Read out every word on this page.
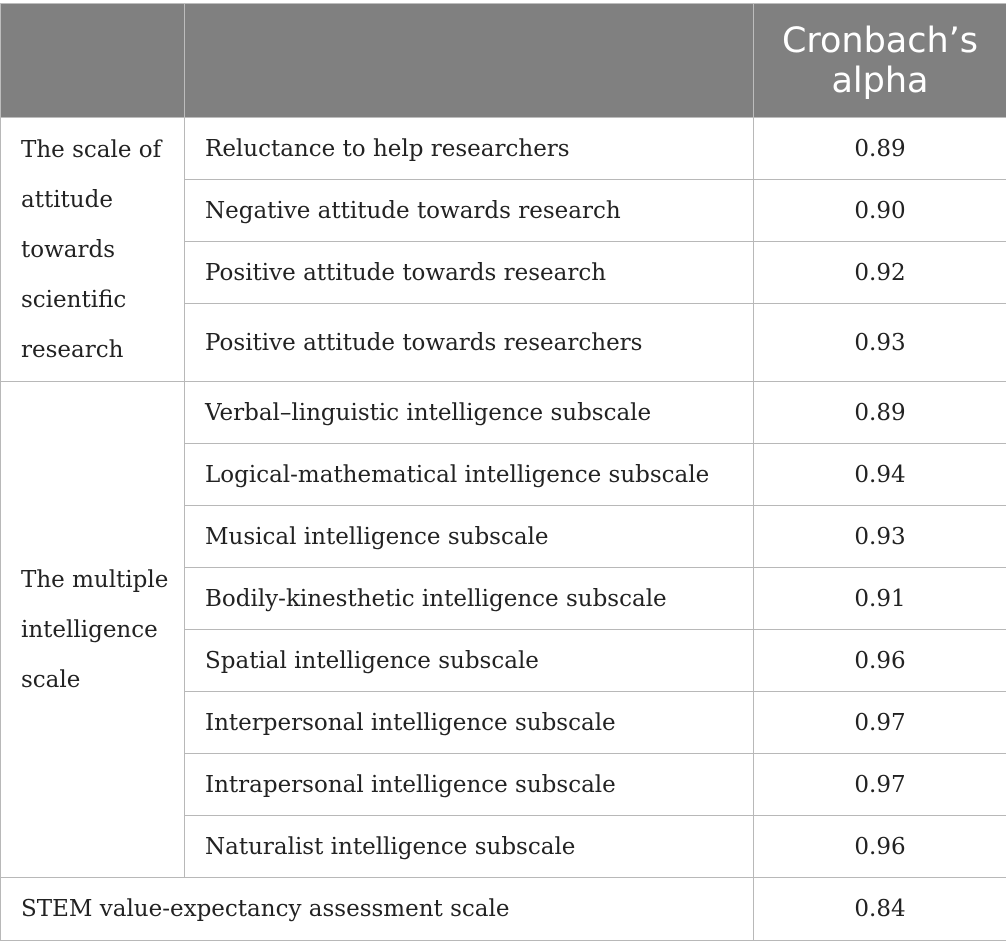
		Cronbach’s
alpha
The scale of attitude towards scientific research	Reluctance to help researchers	0.89
	Negative attitude towards research	0.90
	Positive attitude towards research	0.92
	Positive attitude towards researchers	0.93
The multiple intelligence scale	Verbal–linguistic intelligence subscale	0.89
	Logical-mathematical intelligence subscale	0.94
	Musical intelligence subscale	0.93
	Bodily-kinesthetic intelligence subscale	0.91
	Spatial intelligence subscale	0.96
	Interpersonal intelligence subscale	0.97
	Intrapersonal intelligence subscale	0.97
	Naturalist intelligence subscale	0.96
STEM value-expectancy assessment scale		0.84
